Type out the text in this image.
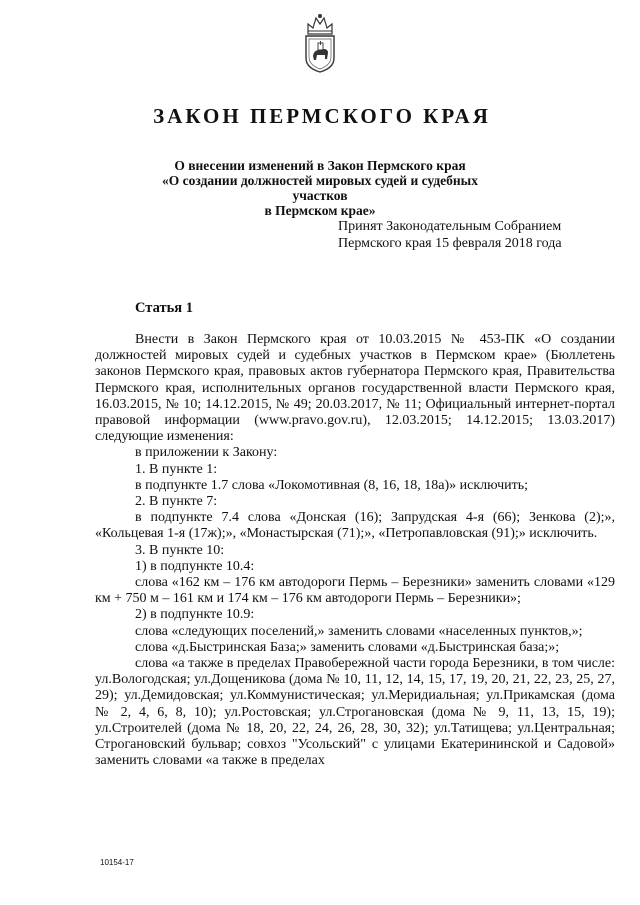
ЗАКОН ПЕРМСКОГО КРАЯ
О внесении изменений в Закон Пермского края
«О создании должностей мировых судей и судебных участков
в Пермском крае»
Принят Законодательным Собранием
Пермского края 15 февраля 2018 года
Статья 1

Внести в Закон Пермского края от 10.03.2015 № 453-ПК «О создании должностей мировых судей и судебных участков в Пермском крае» (Бюллетень законов Пермского края, правовых актов губернатора Пермского края, Правительства Пермского края, исполнительных органов государственной власти Пермского края, 16.03.2015, № 10; 14.12.2015, № 49; 20.03.2017, № 11; Официальный интернет-портал правовой информации (www.pravo.gov.ru), 12.03.2015; 14.12.2015; 13.03.2017) следующие изменения:

в приложении к Закону:

1. В пункте 1:

в подпункте 1.7 слова «Локомотивная (8, 16, 18, 18а)» исключить;

2. В пункте 7:

в подпункте 7.4 слова «Донская (16); Запрудская 4-я (66); Зенкова (2);», «Кольцевая 1-я (17ж);», «Монастырская (71);», «Петропавловская (91);» исключить.

3. В пункте 10:

1) в подпункте 10.4:

слова «162 км – 176 км автодороги Пермь – Березники» заменить словами «129 км + 750 м – 161 км и 174 км – 176 км автодороги Пермь – Березники»;

2) в подпункте 10.9:

слова «следующих поселений,» заменить словами «населенных пунктов,»;

слова «д.Быстринская База;» заменить словами «д.Быстринская база;»;

слова «а также в пределах Правобережной части города Березники, в том числе: ул.Вологодская; ул.Дощеникова (дома № 10, 11, 12, 14, 15, 17, 19, 20, 21, 22, 23, 25, 27, 29); ул.Демидовская; ул.Коммунистическая; ул.Меридиальная; ул.Прикамская (дома № 2, 4, 6, 8, 10); ул.Ростовская; ул.Строгановская (дома № 9, 11, 13, 15, 19); ул.Строителей (дома № 18, 20, 22, 24, 26, 28, 30, 32); ул.Татищева; ул.Центральная; Строгановский бульвар; совхоз "Усольский" с улицами Екатерининской и Садовой» заменить словами «а также в пределах

10154-17
